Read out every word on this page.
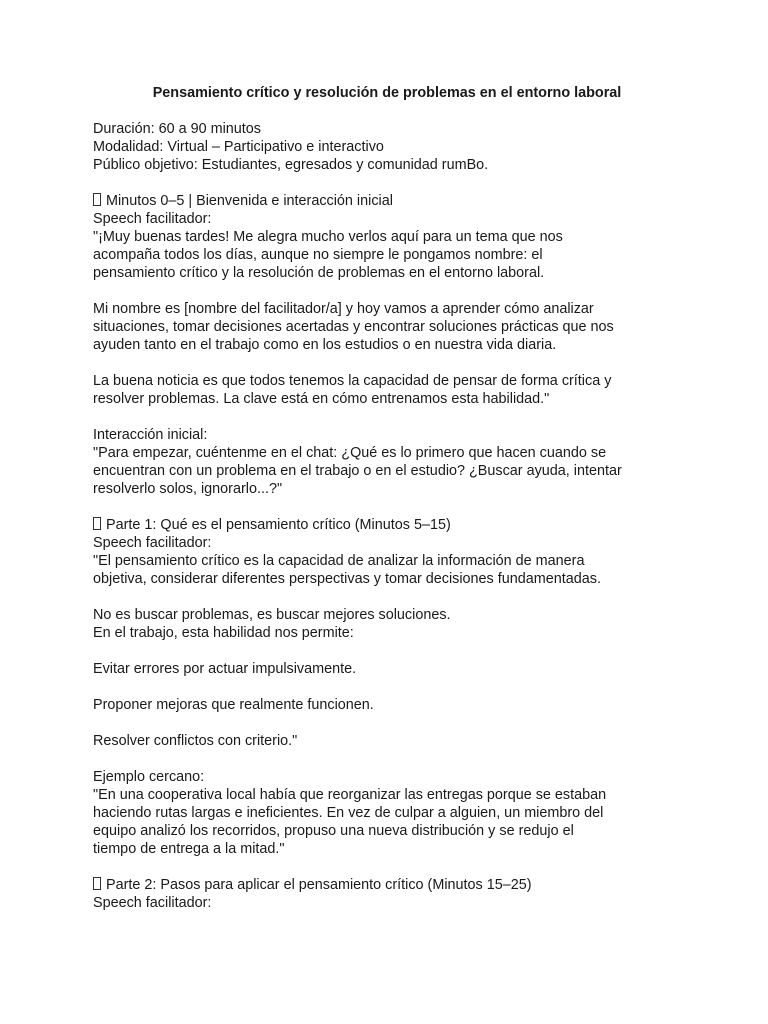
Pensamiento crítico y resolución de problemas en el entorno laboral
Duración: 60 a 90 minutos
Modalidad: Virtual – Participativo e interactivo
Público objetivo: Estudiantes, egresados y comunidad rumBo.
Minutos 0–5 | Bienvenida e interacción inicial
Speech facilitador:
"¡Muy buenas tardes! Me alegra mucho verlos aquí para un tema que nos
acompaña todos los días, aunque no siempre le pongamos nombre: el
pensamiento crítico y la resolución de problemas en el entorno laboral.
Mi nombre es [nombre del facilitador/a] y hoy vamos a aprender cómo analizar
situaciones, tomar decisiones acertadas y encontrar soluciones prácticas que nos
ayuden tanto en el trabajo como en los estudios o en nuestra vida diaria.
La buena noticia es que todos tenemos la capacidad de pensar de forma crítica y
resolver problemas. La clave está en cómo entrenamos esta habilidad."
Interacción inicial:
"Para empezar, cuéntenme en el chat: ¿Qué es lo primero que hacen cuando se
encuentran con un problema en el trabajo o en el estudio? ¿Buscar ayuda, intentar
resolverlo solos, ignorarlo...?"
Parte 1: Qué es el pensamiento crítico (Minutos 5–15)
Speech facilitador:
"El pensamiento crítico es la capacidad de analizar la información de manera
objetiva, considerar diferentes perspectivas y tomar decisiones fundamentadas.
No es buscar problemas, es buscar mejores soluciones.
En el trabajo, esta habilidad nos permite:
Evitar errores por actuar impulsivamente.
Proponer mejoras que realmente funcionen.
Resolver conflictos con criterio."
Ejemplo cercano:
"En una cooperativa local había que reorganizar las entregas porque se estaban
haciendo rutas largas e ineficientes. En vez de culpar a alguien, un miembro del
equipo analizó los recorridos, propuso una nueva distribución y se redujo el
tiempo de entrega a la mitad."
Parte 2: Pasos para aplicar el pensamiento crítico (Minutos 15–25)
Speech facilitador:
